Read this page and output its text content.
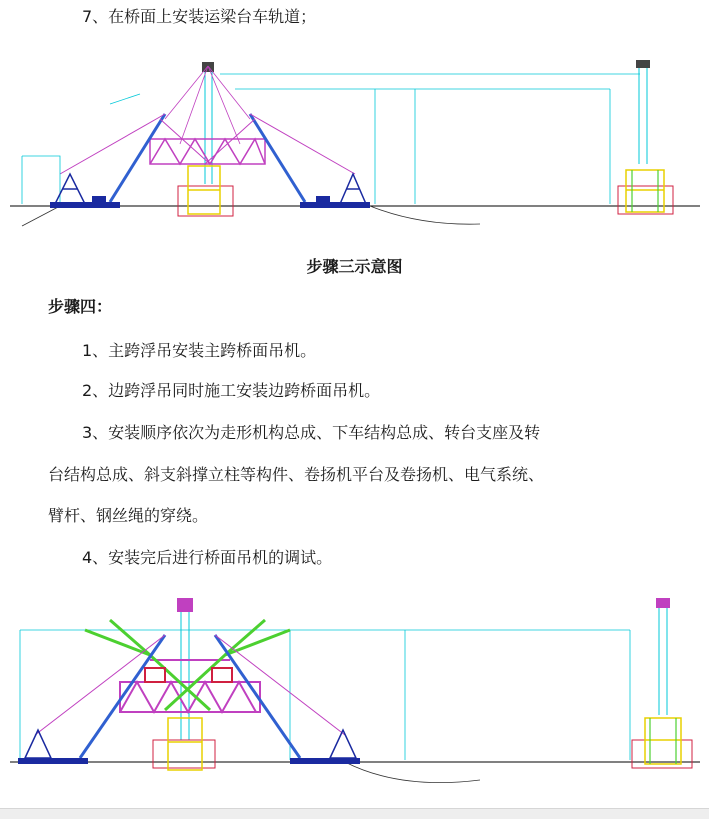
7、在桥面上安装运梁台车轨道；
步骤三示意图
步骤四：
1、主跨浮吊安装主跨桥面吊机。
2、边跨浮吊同时施工安装边跨桥面吊机。
3、安装顺序依次为走形机构总成、下车结构总成、转台支座及转
台结构总成、斜支斜撑立柱等构件、卷扬机平台及卷扬机、电气系统、
臂杆、钢丝绳的穿绕。
4、安装完后进行桥面吊机的调试。
